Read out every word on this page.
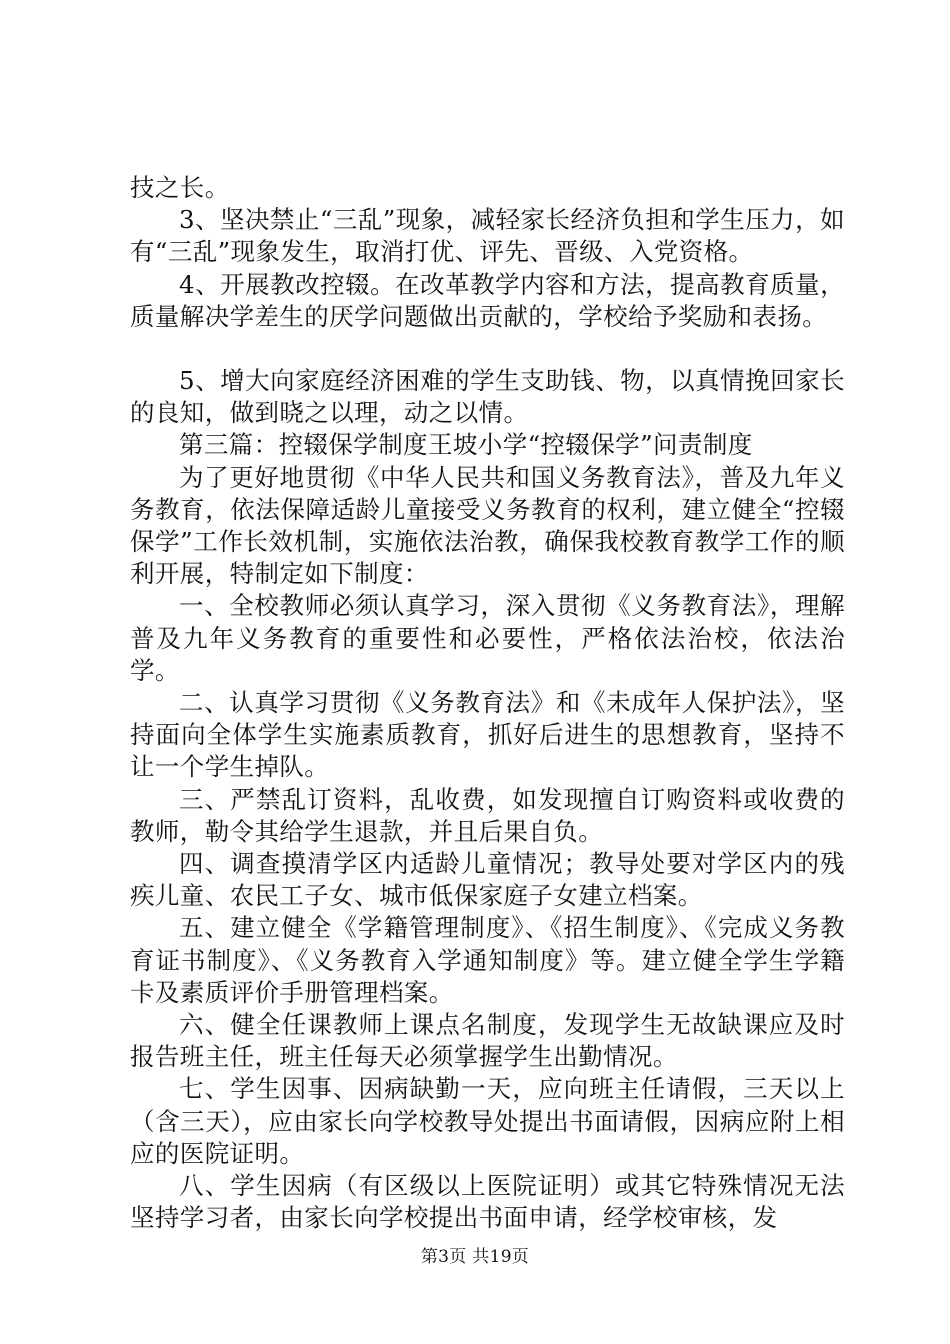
技之长。

3、坚决禁止“三乱”现象，减轻家长经济负担和学生压力，如有“三乱”现象发生，取消打优、评先、晋级、入党资格。

4、开展教改控辍。在改革教学内容和方法，提高教育质量，质量解决学差生的厌学问题做出贡献的，学校给予奖励和表扬。

5、增大向家庭经济困难的学生支助钱、物，以真情挽回家长的良知，做到晓之以理，动之以情。

第三篇：控辍保学制度王坡小学“控辍保学”问责制度

为了更好地贯彻《中华人民共和国义务教育法》，普及九年义务教育，依法保障适龄儿童接受义务教育的权利，建立健全“控辍保学”工作长效机制，实施依法治教，确保我校教育教学工作的顺利开展，特制定如下制度：

一、全校教师必须认真学习，深入贯彻《义务教育法》，理解普及九年义务教育的重要性和必要性，严格依法治校，依法治学。

二、认真学习贯彻《义务教育法》和《未成年人保护法》，坚持面向全体学生实施素质教育，抓好后进生的思想教育，坚持不让一个学生掉队。

三、严禁乱订资料，乱收费，如发现擅自订购资料或收费的教师，勒令其给学生退款，并且后果自负。

四、调查摸清学区内适龄儿童情况；教导处要对学区内的残疾儿童、农民工子女、城市低保家庭子女建立档案。

五、建立健全《学籍管理制度》、《招生制度》、《完成义务教育证书制度》、《义务教育入学通知制度》等。建立健全学生学籍卡及素质评价手册管理档案。

六、健全任课教师上课点名制度，发现学生无故缺课应及时报告班主任，班主任每天必须掌握学生出勤情况。

七、学生因事、因病缺勤一天，应向班主任请假，三天以上（含三天），应由家长向学校教导处提出书面请假，因病应附上相应的医院证明。

八、学生因病（有区级以上医院证明）或其它特殊情况无法坚持学习者，由家长向学校提出书面申请，经学校审核，发

第3页 共19页
